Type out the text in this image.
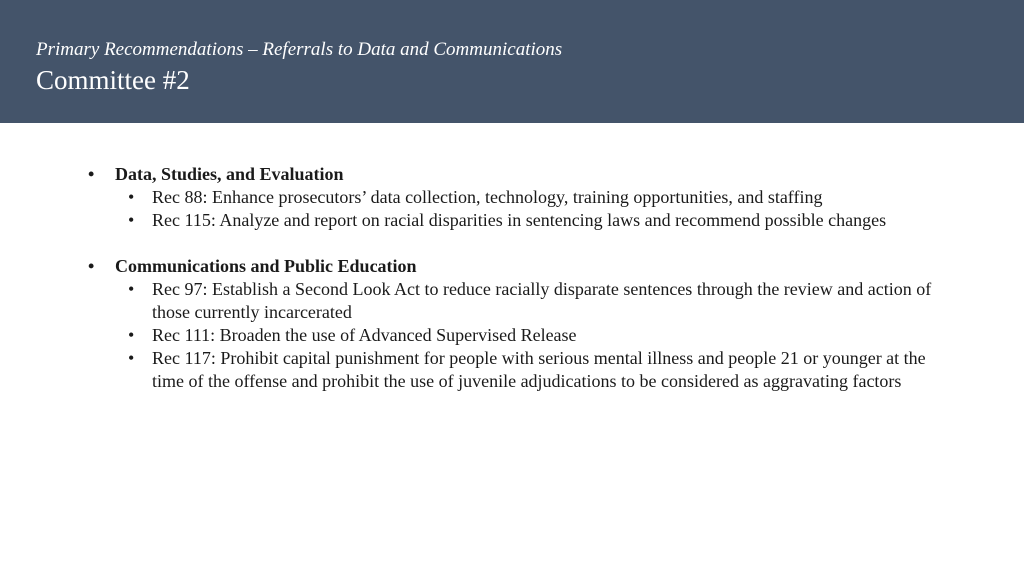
Primary Recommendations – Referrals to Data and Communications
Committee #2
•	Data, Studies, and Evaluation
• Rec 88: Enhance prosecutors’ data collection, technology, training opportunities, and staffing
• Rec 115: Analyze and report on racial disparities in sentencing laws and recommend possible changes
•	Communications and Public Education
• Rec 97: Establish a Second Look Act to reduce racially disparate sentences through the review and action of those currently incarcerated
• Rec 111: Broaden the use of Advanced Supervised Release
• Rec 117: Prohibit capital punishment for people with serious mental illness and people 21 or younger at the time of the offense and prohibit the use of juvenile adjudications to be considered as aggravating factors
